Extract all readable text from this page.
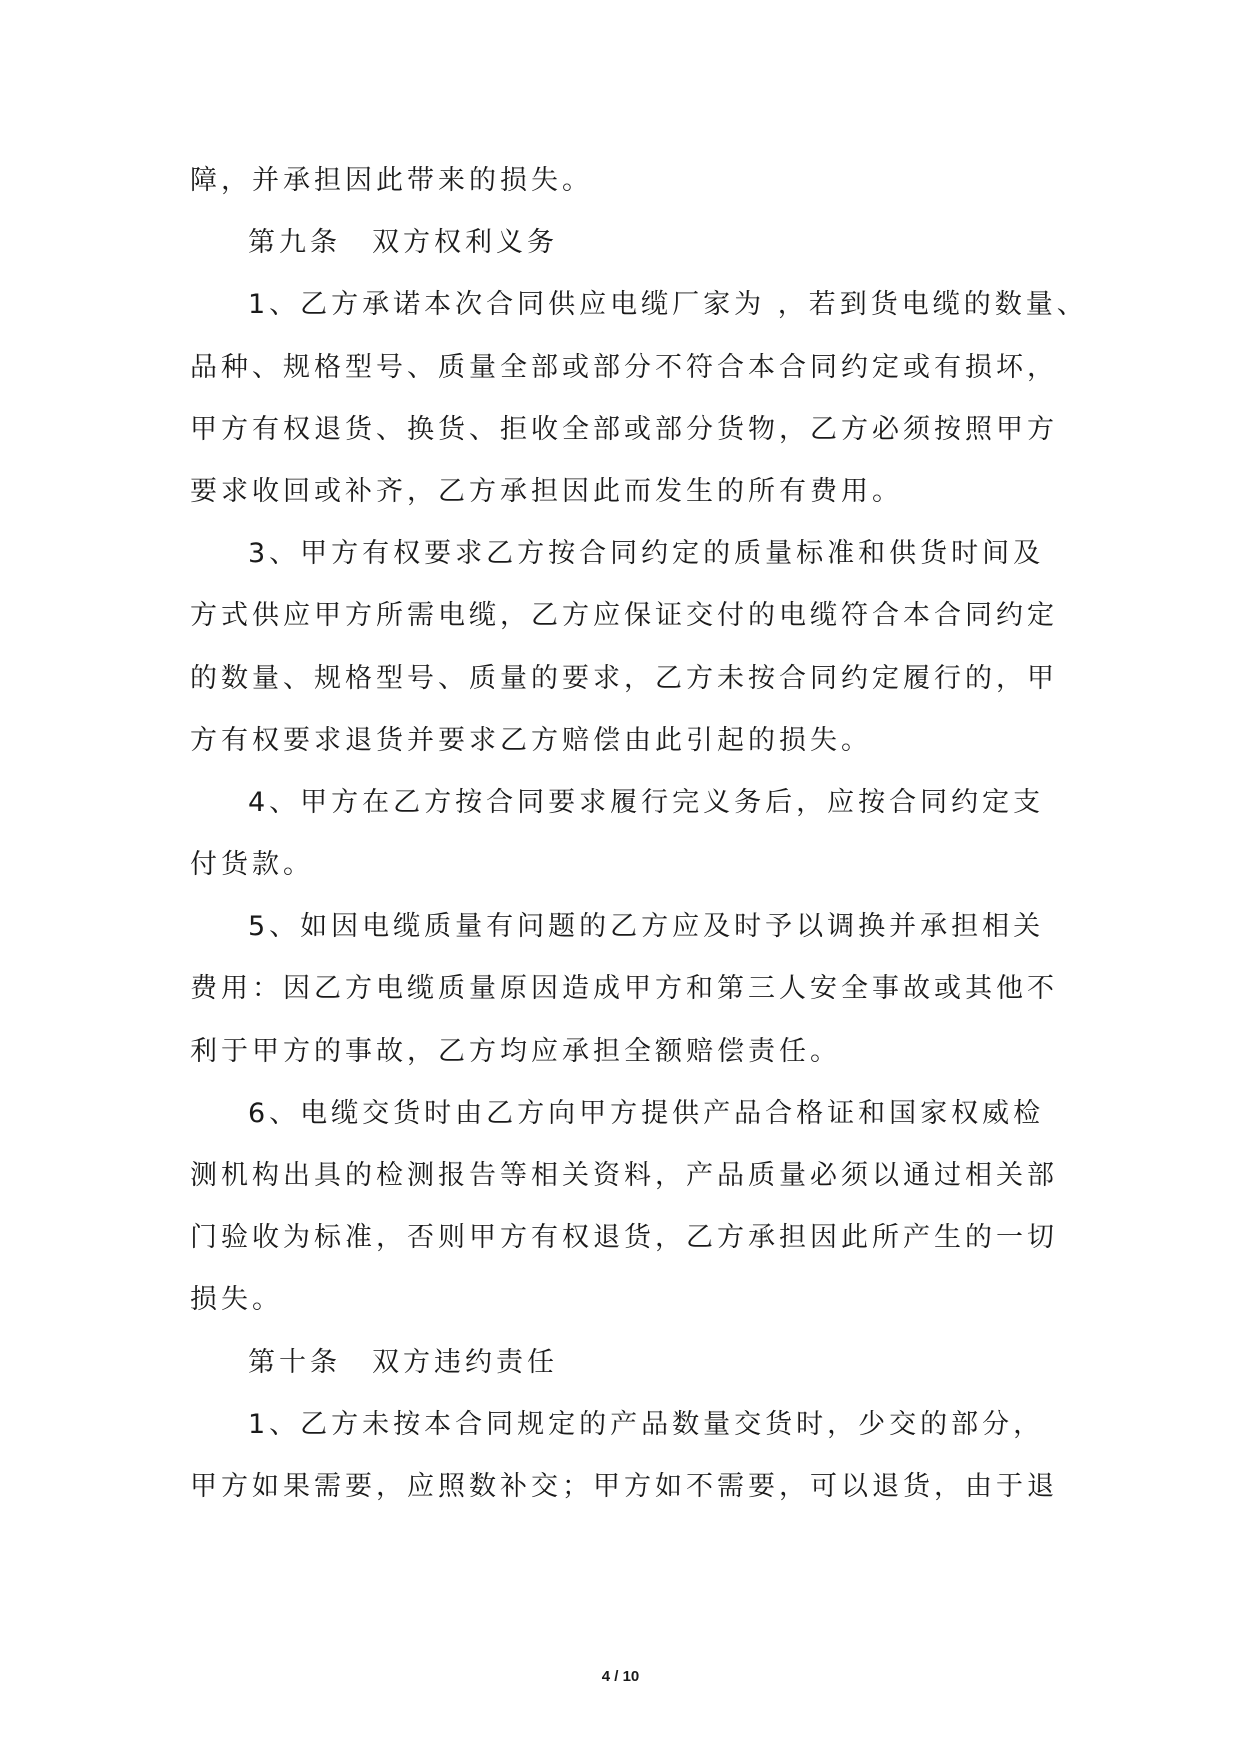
障，并承担因此带来的损失。
第九条　双方权利义务
1、乙方承诺本次合同供应电缆厂家为 ，若到货电缆的数量、
品种、规格型号、质量全部或部分不符合本合同约定或有损坏，
甲方有权退货、换货、拒收全部或部分货物，乙方必须按照甲方
要求收回或补齐，乙方承担因此而发生的所有费用。
3、甲方有权要求乙方按合同约定的质量标准和供货时间及
方式供应甲方所需电缆，乙方应保证交付的电缆符合本合同约定
的数量、规格型号、质量的要求，乙方未按合同约定履行的，甲
方有权要求退货并要求乙方赔偿由此引起的损失。
4、甲方在乙方按合同要求履行完义务后，应按合同约定支
付货款。
5、如因电缆质量有问题的乙方应及时予以调换并承担相关
费用：因乙方电缆质量原因造成甲方和第三人安全事故或其他不
利于甲方的事故，乙方均应承担全额赔偿责任。
6、电缆交货时由乙方向甲方提供产品合格证和国家权威检
测机构出具的检测报告等相关资料，产品质量必须以通过相关部
门验收为标准，否则甲方有权退货，乙方承担因此所产生的一切
损失。
第十条　双方违约责任
1、乙方未按本合同规定的产品数量交货时，少交的部分，
甲方如果需要，应照数补交；甲方如不需要，可以退货，由于退
4 / 10
